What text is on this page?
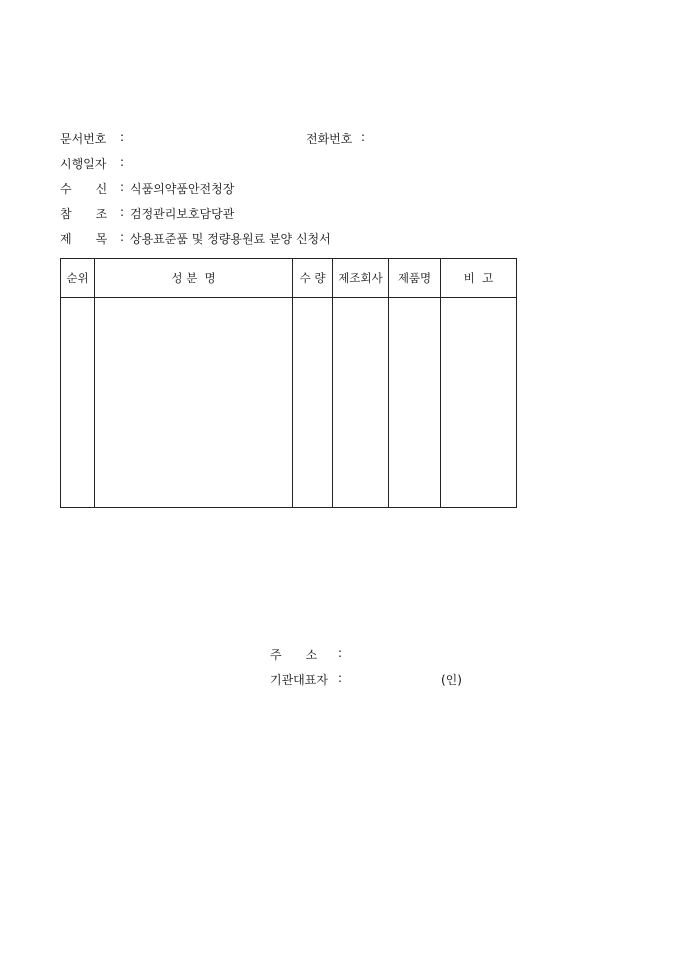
문서번호 :	전화번호 :
시행일자 :
수　　신 : 식품의약품안전청장
참　　조 : 검정관리보호담당관
제　　목 : 상용표준품 및 정량용원료 분양 신청서
순위	성 분  명	수 량	제조회사	제품명	비  고

주　　소 :
기관대표자 :	(인)
